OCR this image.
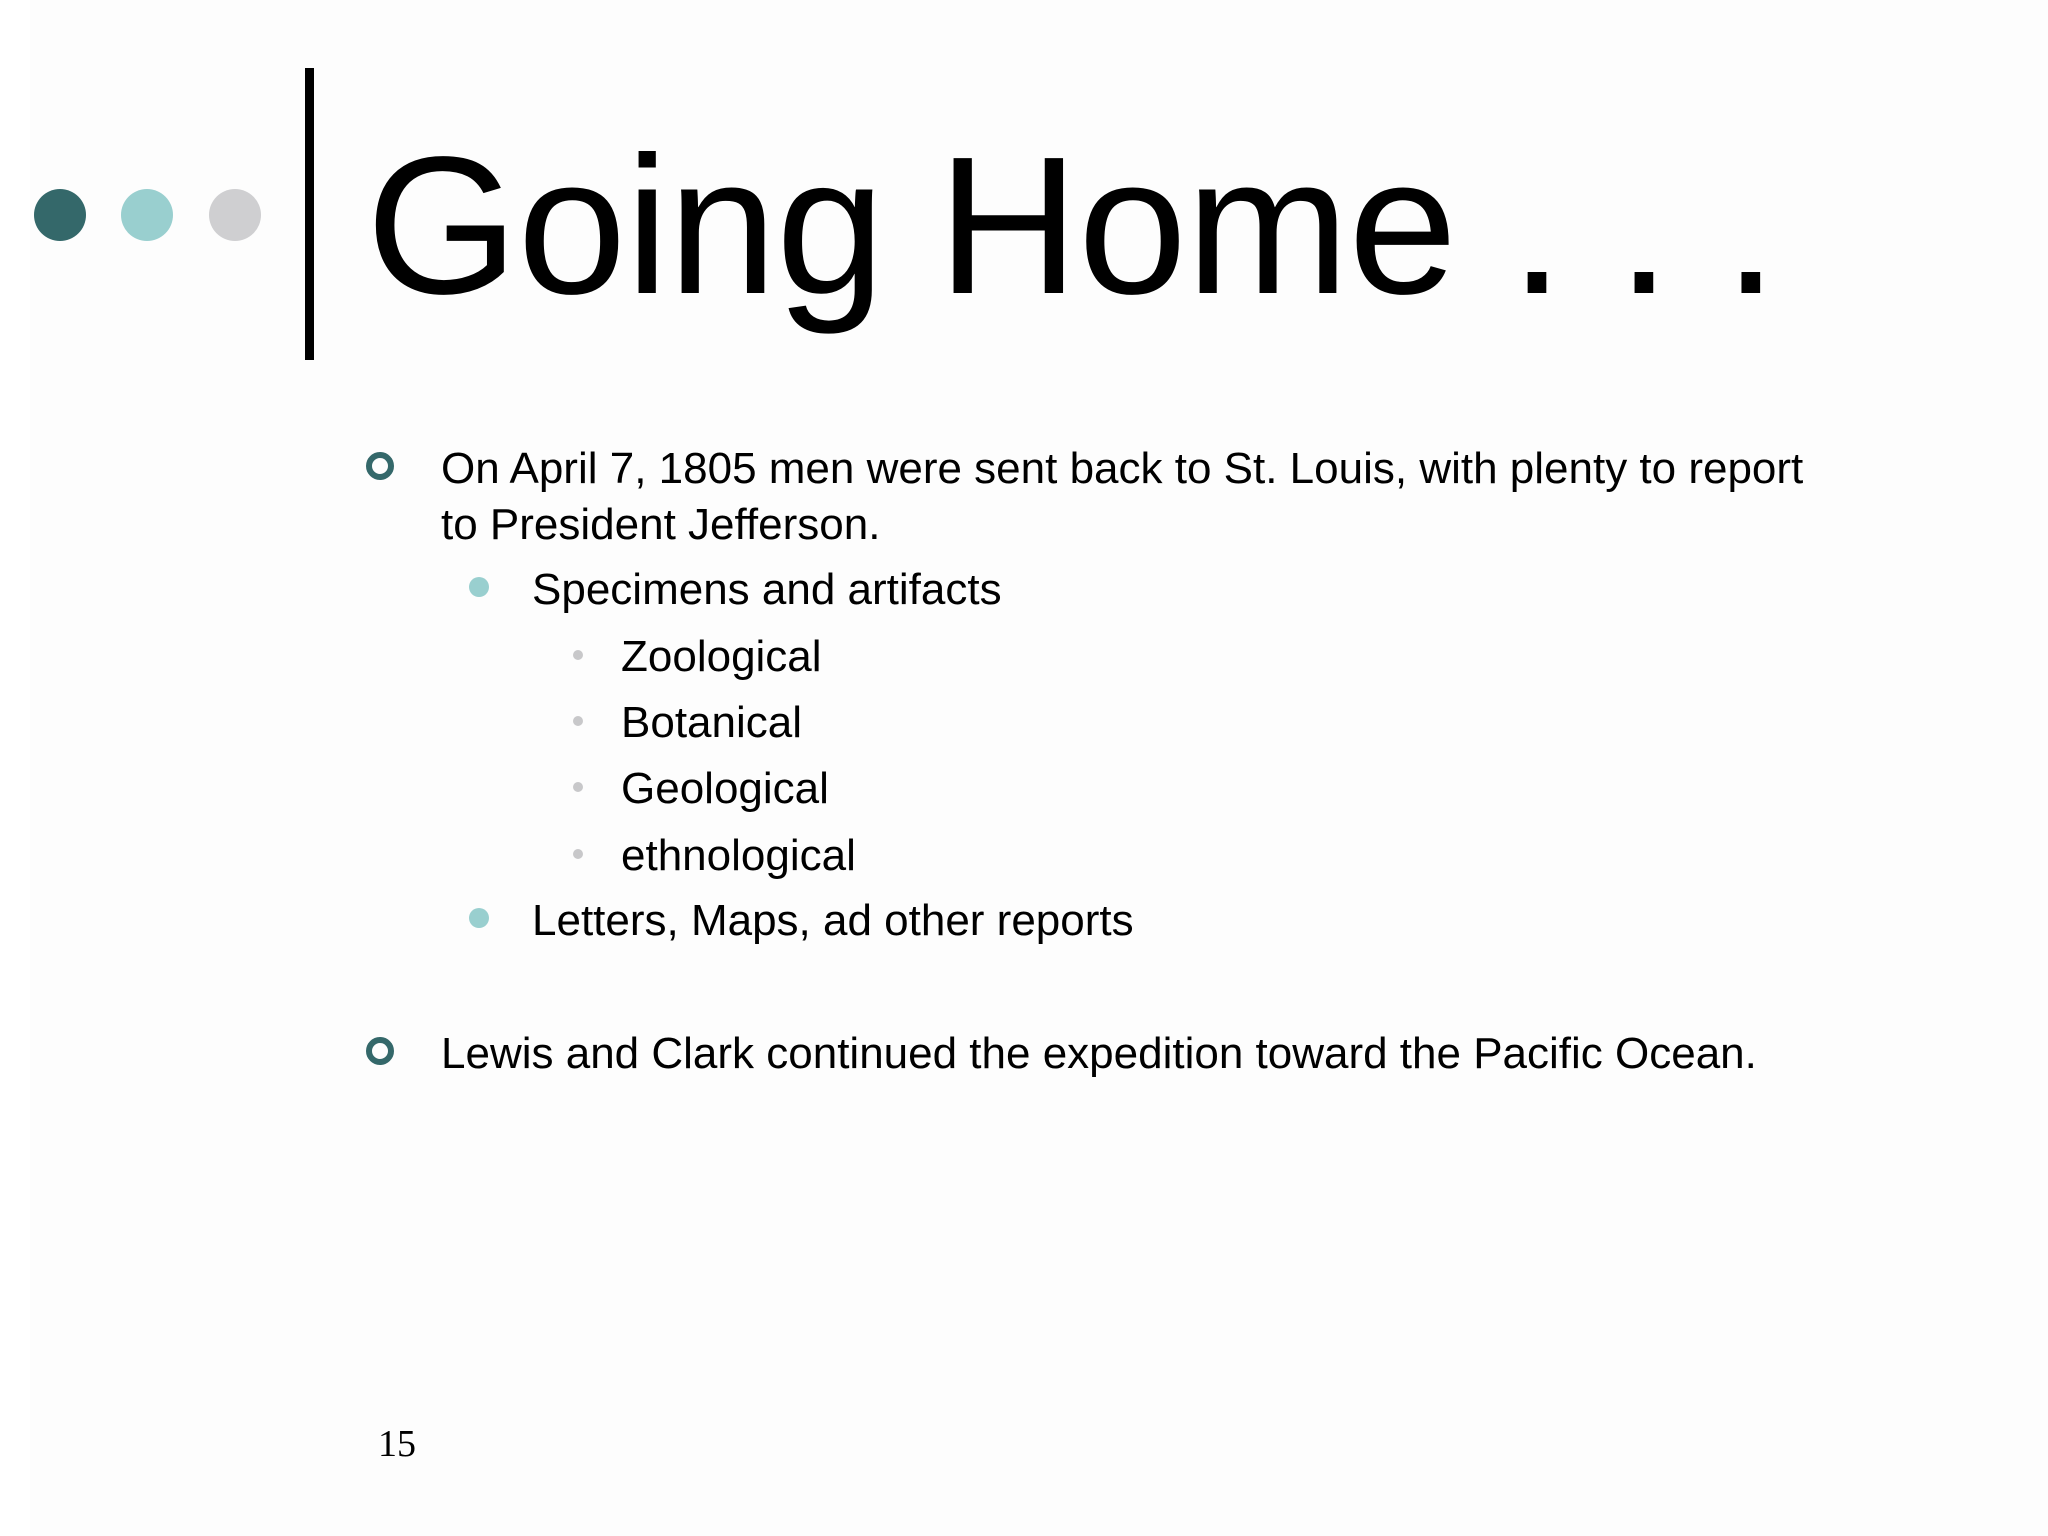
Going Home . . .
On April 7, 1805 men were sent back to St. Louis, with plenty to report
to President Jefferson.
Specimens and artifacts
Zoological
Botanical
Geological
ethnological
Letters, Maps, ad other reports
Lewis and Clark continued the expedition toward the Pacific Ocean.
15
